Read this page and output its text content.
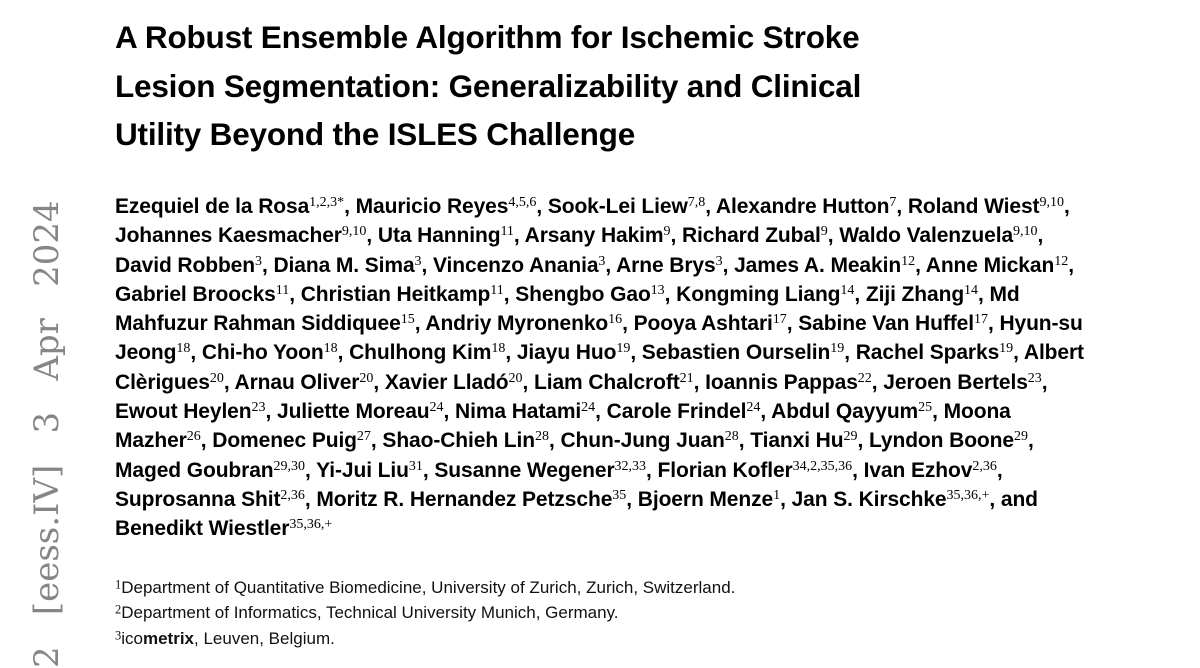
2 [eess.IV] 3 Apr 2024
A Robust Ensemble Algorithm for Ischemic Stroke
Lesion Segmentation: Generalizability and Clinical
Utility Beyond the ISLES Challenge

Ezequiel de la Rosa$^{1,2,3*}$, Mauricio Reyes$^{4,5,6}$, Sook-Lei Liew$^{7,8}$, Alexandre Hutton$^7$, Roland Wiest$^{9,10}$, Johannes Kaesmacher$^{9,10}$, Uta Hanning$^{11}$, Arsany Hakim$^9$, Richard Zubal$^9$, Waldo Valenzuela$^{9,10}$, David Robben$^3$, Diana M. Sima$^3$, Vincenzo Anania$^3$, Arne Brys$^3$, James A. Meakin$^{12}$, Anne Mickan$^{12}$, Gabriel Broocks$^{11}$, Christian Heitkamp$^{11}$, Shengbo Gao$^{13}$, Kongming Liang$^{14}$, Ziji Zhang$^{14}$, Md Mahfuzur Rahman Siddiquee$^{15}$, Andriy Myronenko$^{16}$, Pooya Ashtari$^{17}$, Sabine Van Huffel$^{17}$, Hyun-su Jeong$^{18}$, Chi-ho Yoon$^{18}$, Chulhong Kim$^{18}$, Jiayu Huo$^{19}$, Sebastien Ourselin$^{19}$, Rachel Sparks$^{19}$, Albert Clèrigues$^{20}$, Arnau Oliver$^{20}$, Xavier Lladó$^{20}$, Liam Chalcroft$^{21}$, Ioannis Pappas$^{22}$, Jeroen Bertels$^{23}$, Ewout Heylen$^{23}$, Juliette Moreau$^{24}$, Nima Hatami$^{24}$, Carole Frindel$^{24}$, Abdul Qayyum$^{25}$, Moona Mazher$^{26}$, Domenec Puig$^{27}$, Shao-Chieh Lin$^{28}$, Chun-Jung Juan$^{28}$, Tianxi Hu$^{29}$, Lyndon Boone$^{29}$, Maged Goubran$^{29,30}$, Yi-Jui Liu$^{31}$, Susanne Wegener$^{32,33}$, Florian Kofler$^{34,2,35,36}$, Ivan Ezhov$^{2,36}$, Suprosanna Shit$^{2,36}$, Moritz R. Hernandez Petzsche$^{35}$, Bjoern Menze$^1$, Jan S. Kirschke$^{35,36,+}$, and Benedikt Wiestler$^{35,36,+}$

$^1$Department of Quantitative Biomedicine, University of Zurich, Zurich, Switzerland.
$^2$Department of Informatics, Technical University Munich, Germany.
$^3$icometrix, Leuven, Belgium.
